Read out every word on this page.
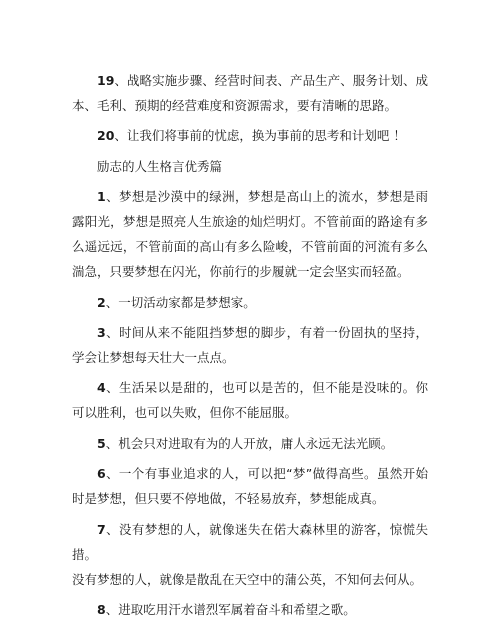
19、战略实施步骤、经营时间表、产品生产、服务计划、成本、毛利、预期的经营难度和资源需求，要有清晰的思路。

20、让我们将事前的忧虑，换为事前的思考和计划吧 ！

励志的人生格言优秀篇

1、梦想是沙漠中的绿洲，梦想是高山上的流水，梦想是雨露阳光，梦想是照亮人生旅途的灿烂明灯。不管前面的路途有多么遥远远，不管前面的高山有多么险峻，不管前面的河流有多么湍急，只要梦想在闪光，你前行的步履就一定会坚实而轻盈。

2、一切活动家都是梦想家。

3、时间从来不能阻挡梦想的脚步，有着一份固执的坚持，学会让梦想每天壮大一点点。

4、生活呆以是甜的，也可以是苦的，但不能是没味的。你可以胜利，也可以失败，但你不能屈服。

5、机会只对进取有为的人开放，庸人永远无法光顾。

6、一个有事业追求的人，可以把“梦”做得高些。虽然开始时是梦想，但只要不停地做，不轻易放弃，梦想能成真。

7、没有梦想的人，就像迷失在偌大森林里的游客，惊慌失措。

没有梦想的人，就像是散乱在天空中的蒲公英，不知何去何从。

8、进取吃用汗水谱烈军属着奋斗和希望之歌。
